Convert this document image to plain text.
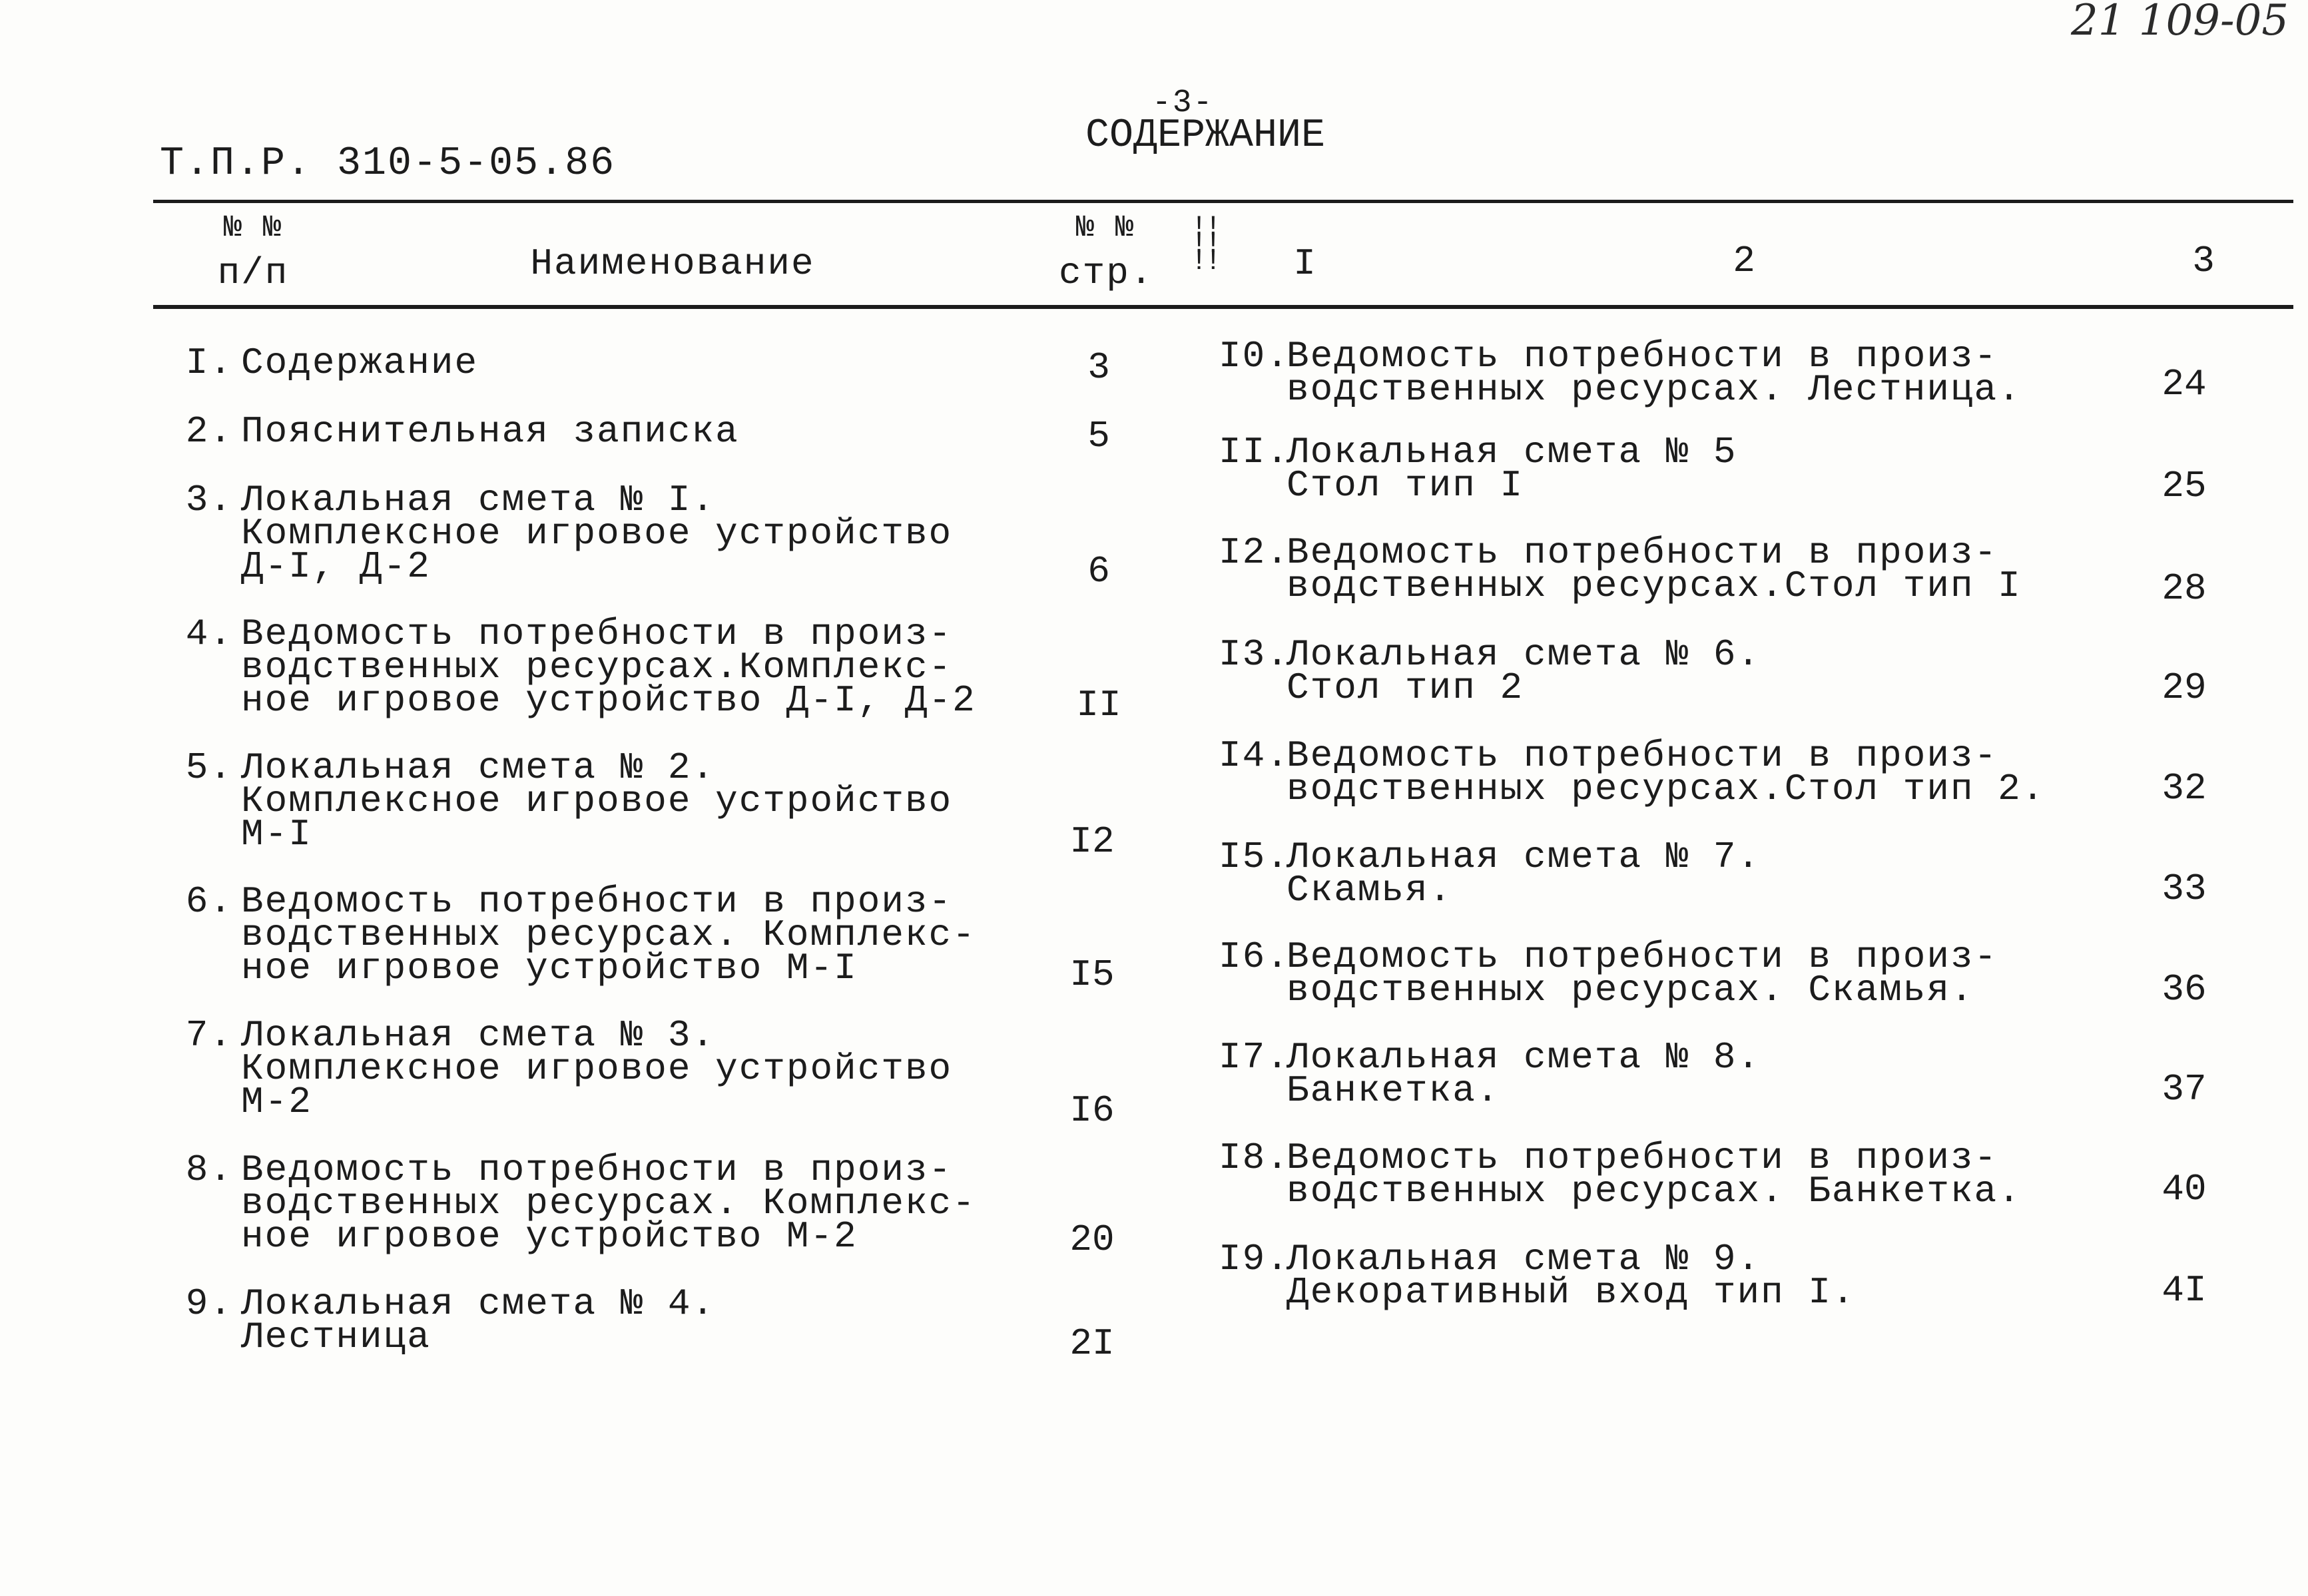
21 109-05
-3-
СОДЕРЖАНИЕ
Т.П.Р. 310-5-05.86
№ №
п/п	Наименование
№ №
стр.
!!
!!
!!	I	2	3
I. Содержание	3
2. Пояснительная записка	5
3. Локальная смета № I.
Комплексное игровое устройство
Д-I, Д-2	6
4. Ведомость потребности в произ-
водственных ресурсах.Комплекс-
ное игровое устройство Д-I, Д-2	II
5. Локальная смета № 2.
Комплексное игровое устройство
М-I	I2
6. Ведомость потребности в произ-
водственных ресурсах. Комплекс-
ное игровое устройство М-I	I5
7. Локальная смета № 3.
Комплексное игровое устройство
М-2	I6
8. Ведомость потребности в произ-
водственных ресурсах. Комплекс-
ное игровое устройство М-2	20
9. Локальная смета № 4.
Лестница	2I
I0.Ведомость потребности в произ-
водственных ресурсах. Лестница.	24
II.Локальная смета № 5
Стол тип I	25
I2.Ведомость потребности в произ-
водственных ресурсах.Стол тип I	28
I3.Локальная смета № 6.
Стол тип 2	29
I4.Ведомость потребности в произ-
водственных ресурсах.Стол тип 2.	32
I5.Локальная смета № 7.
Скамья.	33
I6.Ведомость потребности в произ-
водственных ресурсах. Скамья.	36
I7.Локальная смета № 8.
Банкетка.	37
I8.Ведомость потребности в произ-
водственных ресурсах. Банкетка.	40
I9.Локальная смета № 9.
Декоративный вход тип I.	4I
